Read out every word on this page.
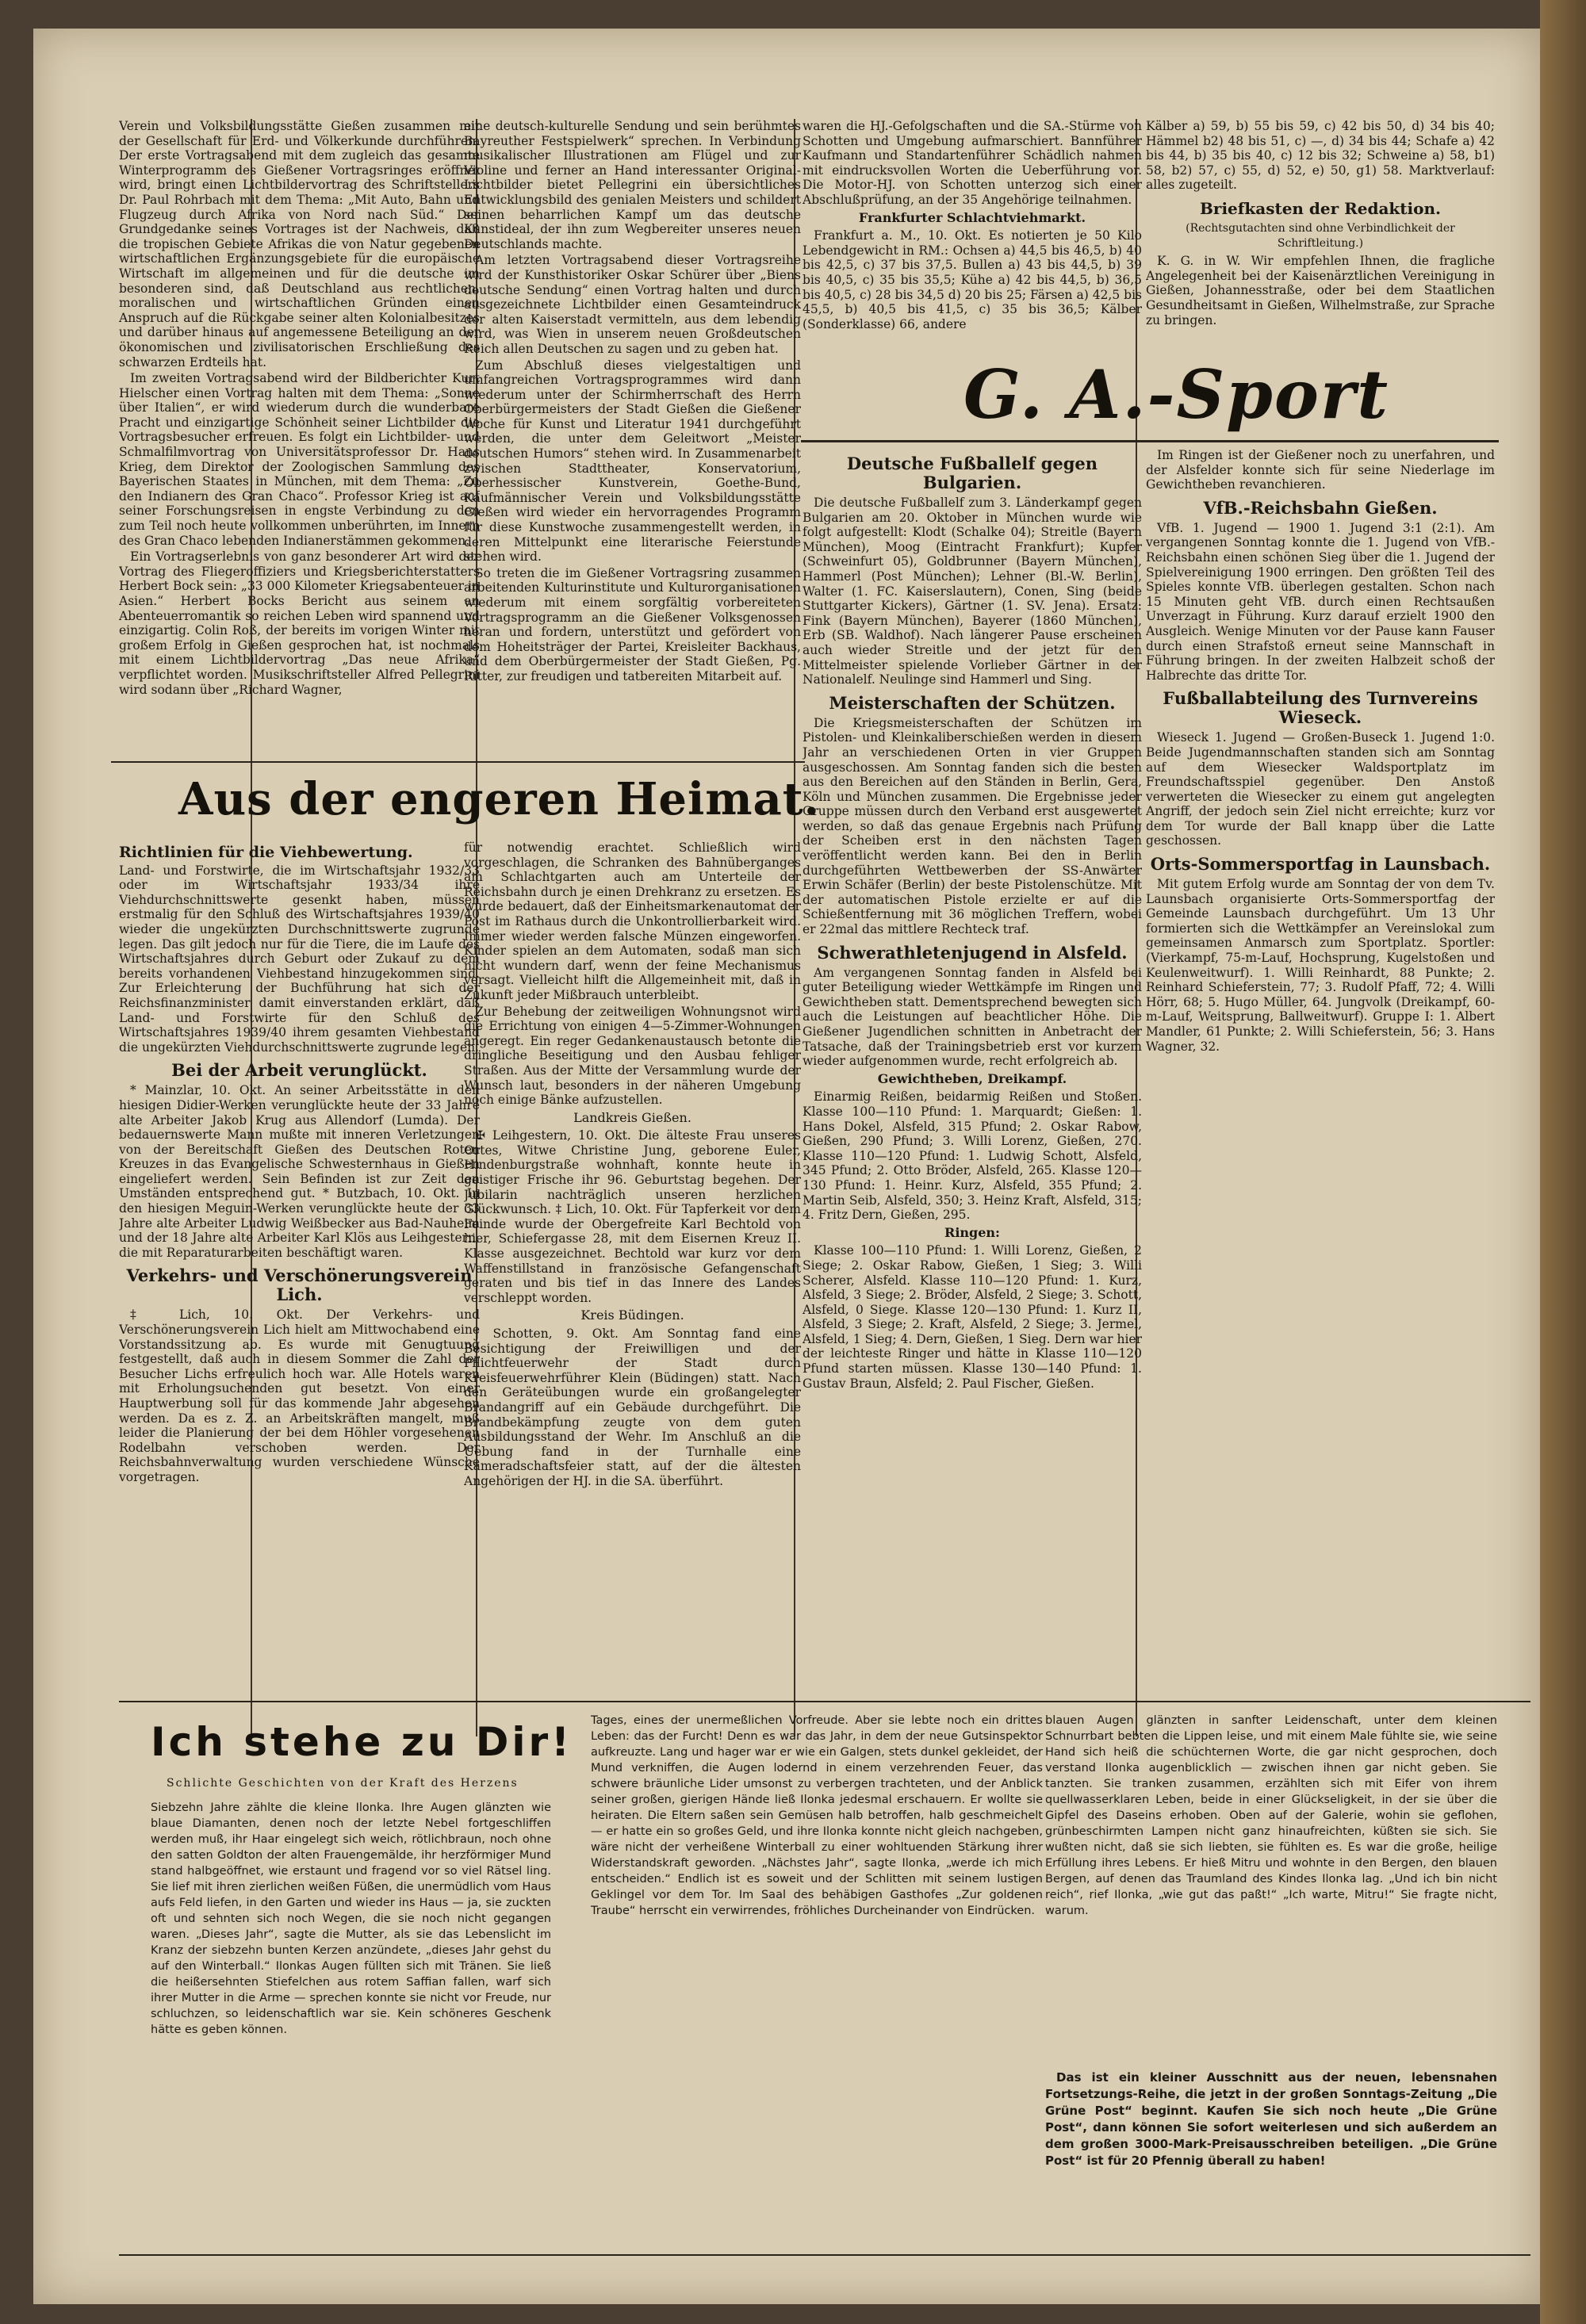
Verein und Volksbildungsstätte Gießen zusammen mit der Gesellschaft für Erd- und Völkerkunde durchführen. Der erste Vortragsabend mit dem zugleich das gesamte Winterprogramm des Gießener Vortragsringes eröffnet wird, bringt einen Lichtbildervortrag des Schriftstellers Dr. Paul Rohrbach mit dem Thema: „Mit Auto, Bahn und Flugzeug durch Afrika von Nord nach Süd.“ Der Grundgedanke seines Vortrages ist der Nachweis, daß die tropischen Gebiete Afrikas die von Natur gegebenen wirtschaftlichen Ergänzungsgebiete für die europäische Wirtschaft im allgemeinen und für die deutsche im besonderen sind, daß Deutschland aus rechtlichen, moralischen und wirtschaftlichen Gründen einen Anspruch auf die Rückgabe seiner alten Kolonialbesitzes und darüber hinaus auf angemessene Beteiligung an der ökonomischen und zivilisatorischen Erschließung des schwarzen Erdteils hat.

Im zweiten Vortragsabend wird der Bildberichter Kurt Hielscher einen Vortrag halten mit dem Thema: „Sonne über Italien“, er wird wiederum durch die wunderbare Pracht und einzigartige Schönheit seiner Lichtbilder die Vortragsbesucher erfreuen. Es folgt ein Lichtbilder- und Schmalfilmvortrag von Universitätsprofessor Dr. Hans Krieg, dem Direktor der Zoologischen Sammlung des Bayerischen Staates in München, mit dem Thema: „Zu den Indianern des Gran Chaco“. Professor Krieg ist auf seiner Forschungsreisen in engste Verbindung zu den zum Teil noch heute vollkommen unberührten, im Innern des Gran Chaco lebenden Indianerstämmen gekommen.

Ein Vortragserlebnis von ganz besonderer Art wird der Vortrag des Fliegeroffiziers und Kriegsberichterstatters Herbert Bock sein: „33 000 Kilometer Kriegsabenteuer in Asien.“ Herbert Bocks Bericht aus seinem an Abenteuerromantik so reichen Leben wird spannend und einzigartig. Colin Roß, der bereits im vorigen Winter mit großem Erfolg in Gießen gesprochen hat, ist nochmals mit einem Lichtbildervortrag „Das neue Afrika“ verpflichtet worden. Musikschriftsteller Alfred Pellegrini wird sodann über „Richard Wagner,

eine deutsch-kulturelle Sendung und sein berühmtes Bayreuther Festspielwerk“ sprechen. In Verbindung musikalischer Illustrationen am Flügel und zur Violine und ferner an Hand interessanter Original-Lichtbilder bietet Pellegrini ein übersichtliches Entwicklungsbild des genialen Meisters und schildert seinen beharrlichen Kampf um das deutsche Kunstideal, der ihn zum Wegbereiter unseres neuen Deutschlands machte.

Am letzten Vortragsabend dieser Vortragsreihe wird der Kunsthistoriker Oskar Schürer über „Biens deutsche Sendung“ einen Vortrag halten und durch ausgezeichnete Lichtbilder einen Gesamteindruck der alten Kaiserstadt vermitteln, aus dem lebendig wird, was Wien in unserem neuen Großdeutschen Reich allen Deutschen zu sagen und zu geben hat.

Zum Abschluß dieses vielgestaltigen und umfangreichen Vortragsprogrammes wird dann wiederum unter der Schirmherrschaft des Herrn Oberbürgermeisters der Stadt Gießen die Gießener Woche für Kunst und Literatur 1941 durchgeführt werden, die unter dem Geleitwort „Meister deutschen Humors“ stehen wird. In Zusammenarbeit zwischen Stadttheater, Konservatorium, Oberhessischer Kunstverein, Goethe-Bund, Kaufmännischer Verein und Volksbildungsstätte Gießen wird wieder ein hervorragendes Programm für diese Kunstwoche zusammengestellt werden, in deren Mittelpunkt eine literarische Feierstunde stehen wird.

So treten die im Gießener Vortragsring zusammen arbeitenden Kulturinstitute und Kulturorganisationen wiederum mit einem sorgfältig vorbereiteten Vortragsprogramm an die Gießener Volksgenossen heran und fordern, unterstützt und gefördert von dem Hoheitsträger der Partei, Kreisleiter Backhaus, und dem Oberbürgermeister der Stadt Gießen, Pg. Ritter, zur freudigen und tatbereiten Mitarbeit auf.

Aus der engeren Heimat.
Richtlinien für die Viehbewertung.

Land- und Forstwirte, die im Wirtschaftsjahr 1932/33 oder im Wirtschaftsjahr 1933/34 ihre Viehdurchschnittswerte gesenkt haben, müssen erstmalig für den Schluß des Wirtschaftsjahres 1939/40 wieder die ungekürzten Durchschnittswerte zugrunde legen. Das gilt jedoch nur für die Tiere, die im Laufe des Wirtschaftsjahres durch Geburt oder Zukauf zu dem bereits vorhandenen Viehbestand hinzugekommen sind. Zur Erleichterung der Buchführung hat sich der Reichsfinanzminister damit einverstanden erklärt, daß Land- und Forstwirte für den Schluß des Wirtschaftsjahres 1939/40 ihrem gesamten Viehbestand die ungekürzten Viehdurchschnittswerte zugrunde legen.

Bei der Arbeit verunglückt.

* Mainzlar, 10. Okt. An seiner Arbeitsstätte in den hiesigen Didier-Werken verunglückte heute der 33 Jahre alte Arbeiter Jakob Krug aus Allendorf (Lumda). Der bedauernswerte Mann mußte mit inneren Verletzungen von der Bereitschaft Gießen des Deutschen Roten Kreuzes in das Evangelische Schwesternhaus in Gießen eingeliefert werden. Sein Befinden ist zur Zeit den Umständen entsprechend gut. * Butzbach, 10. Okt. In den hiesigen Meguin-Werken verunglückte heute der 33 Jahre alte Arbeiter Ludwig Weißbecker aus Bad-Nauheim und der 18 Jahre alte Arbeiter Karl Klös aus Leihgestern, die mit Reparaturarbeiten beschäftigt waren.

Verkehrs- und Verschönerungsverein Lich.

‡ Lich, 10. Okt. Der Verkehrs- und Verschönerungsverein Lich hielt am Mittwochabend eine Vorstandssitzung ab. Es wurde mit Genugtuung festgestellt, daß auch in diesem Sommer die Zahl der Besucher Lichs erfreulich hoch war. Alle Hotels waren mit Erholungsuchenden gut besetzt. Von einer Hauptwerbung soll für das kommende Jahr abgesehen werden. Da es z. Z. an Arbeitskräften mangelt, muß leider die Planierung der bei dem Höhler vorgesehenen Rodelbahn verschoben werden. Der Reichsbahnverwaltung wurden verschiedene Wünsche vorgetragen.

für notwendig erachtet. Schließlich wird vorgeschlagen, die Schranken des Bahnüberganges am Schlachtgarten auch am Unterteile der Reichsbahn durch je einen Drehkranz zu ersetzen. Es wurde bedauert, daß der Einheitsmarkenautomat der Post im Rathaus durch die Unkontrollierbarkeit wird. Immer wieder werden falsche Münzen eingeworfen. Kinder spielen an dem Automaten, sodaß man sich nicht wundern darf, wenn der feine Mechanismus versagt. Vielleicht hilft die Allgemeinheit mit, daß in Zukunft jeder Mißbrauch unterbleibt.

Zur Behebung der zeitweiligen Wohnungsnot wird die Errichtung von einigen 4—5-Zimmer-Wohnungen angeregt. Ein reger Gedankenaustausch betonte die dringliche Beseitigung und den Ausbau fehliger Straßen. Aus der Mitte der Versammlung wurde der Wunsch laut, besonders in der näheren Umgebung noch einige Bänke aufzustellen.

Landkreis Gießen.

✠ Leihgestern, 10. Okt. Die älteste Frau unseres Ortes, Witwe Christine Jung, geborene Euler, Hindenburgstraße wohnhaft, konnte heute in geistiger Frische ihr 96. Geburtstag begehen. Der Jubilarin nachträglich unseren herzlichen Glückwunsch. ‡ Lich, 10. Okt. Für Tapferkeit vor dem Feinde wurde der Obergefreite Karl Bechtold von hier, Schiefergasse 28, mit dem Eisernen Kreuz II. Klasse ausgezeichnet. Bechtold war kurz vor dem Waffenstillstand in französische Gefangenschaft geraten und bis tief in das Innere des Landes verschleppt worden.

Kreis Büdingen.

j Schotten, 9. Okt. Am Sonntag fand eine Besichtigung der Freiwilligen und der Pflichtfeuerwehr der Stadt durch Kreisfeuerwehrführer Klein (Büdingen) statt. Nach den Geräteübungen wurde ein großangelegter Brandangriff auf ein Gebäude durchgeführt. Die Brandbekämpfung zeugte von dem guten Ausbildungsstand der Wehr. Im Anschluß an die Uebung fand in der Turnhalle eine Kameradschaftsfeier statt, auf der die ältesten Angehörigen der HJ. in die SA. überführt.

waren die HJ.-Gefolgschaften und die SA.-Stürme von Schotten und Umgebung aufmarschiert. Bannführer Kaufmann und Standartenführer Schädlich nahmen mit eindrucksvollen Worten die Ueberführung vor. Die Motor-HJ. von Schotten unterzog sich einer Abschlußprüfung, an der 35 Angehörige teilnahmen.

Frankfurter Schlachtviehmarkt.

Frankfurt a. M., 10. Okt. Es notierten je 50 Kilo Lebendgewicht in RM.: Ochsen a) 44,5 bis 46,5, b) 40 bis 42,5, c) 37 bis 37,5. Bullen a) 43 bis 44,5, b) 39 bis 40,5, c) 35 bis 35,5; Kühe a) 42 bis 44,5, b) 36,5 bis 40,5, c) 28 bis 34,5 d) 20 bis 25; Färsen a) 42,5 bis 45,5, b) 40,5 bis 41,5, c) 35 bis 36,5; Kälber (Sonderklasse) 66, andere

Kälber a) 59, b) 55 bis 59, c) 42 bis 50, d) 34 bis 40; Hämmel b2) 48 bis 51, c) —, d) 34 bis 44; Schafe a) 42 bis 44, b) 35 bis 40, c) 12 bis 32; Schweine a) 58, b1) 58, b2) 57, c) 55, d) 52, e) 50, g1) 58. Marktverlauf: alles zugeteilt.

Briefkasten der Redaktion.
(Rechtsgutachten sind ohne Verbindlichkeit der Schriftleitung.)

K. G. in W. Wir empfehlen Ihnen, die fragliche Angelegenheit bei der Kaisenärztlichen Vereinigung in Gießen, Johannesstraße, oder bei dem Staatlichen Gesundheitsamt in Gießen, Wilhelmstraße, zur Sprache zu bringen.

G. A.-Sport
Deutsche Fußballelf gegen Bulgarien.

Die deutsche Fußballelf zum 3. Länderkampf gegen Bulgarien am 20. Oktober in München wurde wie folgt aufgestellt: Klodt (Schalke 04); Streitle (Bayern München), Moog (Eintracht Frankfurt); Kupfer (Schweinfurt 05), Goldbrunner (Bayern München), Hammerl (Post München); Lehner (Bl.-W. Berlin), Walter (1. FC. Kaiserslautern), Conen, Sing (beide Stuttgarter Kickers), Gärtner (1. SV. Jena). Ersatz: Fink (Bayern München), Bayerer (1860 München), Erb (SB. Waldhof). Nach längerer Pause erscheinen auch wieder Streitle und der jetzt für den Mittelmeister spielende Vorlieber Gärtner in der Nationalelf. Neulinge sind Hammerl und Sing.

Meisterschaften der Schützen.

Die Kriegsmeisterschaften der Schützen im Pistolen- und Kleinkaliberschießen werden in diesem Jahr an verschiedenen Orten in vier Gruppen ausgeschossen. Am Sonntag fanden sich die besten aus den Bereichen auf den Ständen in Berlin, Gera, Köln und München zusammen. Die Ergebnisse jeder Gruppe müssen durch den Verband erst ausgewertet werden, so daß das genaue Ergebnis nach Prüfung der Scheiben erst in den nächsten Tagen veröffentlicht werden kann. Bei den in Berlin durchgeführten Wettbewerben der SS-Anwärter Erwin Schäfer (Berlin) der beste Pistolenschütze. Mit der automatischen Pistole erzielte er auf die Schießentfernung mit 36 möglichen Treffern, wobei er 22mal das mittlere Rechteck traf.

Schwerathletenjugend in Alsfeld.

Am vergangenen Sonntag fanden in Alsfeld bei guter Beteiligung wieder Wettkämpfe im Ringen und Gewichtheben statt. Dementsprechend bewegten sich auch die Leistungen auf beachtlicher Höhe. Die Gießener Jugendlichen schnitten in Anbetracht der Tatsache, daß der Trainingsbetrieb erst vor kurzem wieder aufgenommen wurde, recht erfolgreich ab.

Gewichtheben, Dreikampf.

Einarmig Reißen, beidarmig Reißen und Stoßen. Klasse 100—110 Pfund: 1. Marquardt; Gießen: 1. Hans Dokel, Alsfeld, 315 Pfund; 2. Oskar Rabow, Gießen, 290 Pfund; 3. Willi Lorenz, Gießen, 270. Klasse 110—120 Pfund: 1. Ludwig Schott, Alsfeld, 345 Pfund; 2. Otto Bröder, Alsfeld, 265. Klasse 120—130 Pfund: 1. Heinr. Kurz, Alsfeld, 355 Pfund; 2. Martin Seib, Alsfeld, 350; 3. Heinz Kraft, Alsfeld, 315; 4. Fritz Dern, Gießen, 295.

Ringen:

Klasse 100—110 Pfund: 1. Willi Lorenz, Gießen, 2 Siege; 2. Oskar Rabow, Gießen, 1 Sieg; 3. Willi Scherer, Alsfeld. Klasse 110—120 Pfund: 1. Kurz, Alsfeld, 3 Siege; 2. Bröder, Alsfeld, 2 Siege; 3. Schott, Alsfeld, 0 Siege. Klasse 120—130 Pfund: 1. Kurz II, Alsfeld, 3 Siege; 2. Kraft, Alsfeld, 2 Siege; 3. Jermel, Alsfeld, 1 Sieg; 4. Dern, Gießen, 1 Sieg. Dern war hier der leichteste Ringer und hätte in Klasse 110—120 Pfund starten müssen. Klasse 130—140 Pfund: 1. Gustav Braun, Alsfeld; 2. Paul Fischer, Gießen.

Im Ringen ist der Gießener noch zu unerfahren, und der Alsfelder konnte sich für seine Niederlage im Gewichtheben revanchieren.

VfB.-Reichsbahn Gießen.

VfB. 1. Jugend — 1900 1. Jugend 3:1 (2:1). Am vergangenen Sonntag konnte die 1. Jugend von VfB.-Reichsbahn einen schönen Sieg über die 1. Jugend der Spielvereinigung 1900 erringen. Den größten Teil des Spieles konnte VfB. überlegen gestalten. Schon nach 15 Minuten geht VfB. durch einen Rechtsaußen Unverzagt in Führung. Kurz darauf erzielt 1900 den Ausgleich. Wenige Minuten vor der Pause kann Fauser durch einen Strafstoß erneut seine Mannschaft in Führung bringen. In der zweiten Halbzeit schoß der Halbrechte das dritte Tor.

Fußballabteilung des Turnvereins Wieseck.

Wieseck 1. Jugend — Großen-Buseck 1. Jugend 1:0. Beide Jugendmannschaften standen sich am Sonntag auf dem Wiesecker Waldsportplatz im Freundschaftsspiel gegenüber. Den Anstoß verwerteten die Wiesecker zu einem gut angelegten Angriff, der jedoch sein Ziel nicht erreichte; kurz vor dem Tor wurde der Ball knapp über die Latte geschossen.

Orts-Sommersportfag in Launsbach.

Mit gutem Erfolg wurde am Sonntag der von dem Tv. Launsbach organisierte Orts-Sommersportfag der Gemeinde Launsbach durchgeführt. Um 13 Uhr formierten sich die Wettkämpfer an Vereinslokal zum gemeinsamen Anmarsch zum Sportplatz. Sportler: (Vierkampf, 75-m-Lauf, Hochsprung, Kugelstoßen und Keulenweitwurf). 1. Willi Reinhardt, 88 Punkte; 2. Reinhard Schieferstein, 77; 3. Rudolf Pfaff, 72; 4. Willi Hörr, 68; 5. Hugo Müller, 64. Jungvolk (Dreikampf, 60-m-Lauf, Weitsprung, Ballweitwurf). Gruppe I: 1. Albert Mandler, 61 Punkte; 2. Willi Schieferstein, 56; 3. Hans Wagner, 32.

Ich stehe zu Dir!
Schlichte Geschichten von der Kraft des Herzens

Siebzehn Jahre zählte die kleine Ilonka. Ihre Augen glänzten wie blaue Diamanten, denen noch der letzte Nebel fortgeschliffen werden muß, ihr Haar eingelegt sich weich, rötlichbraun, noch ohne den satten Goldton der alten Frauengemälde, ihr herzförmiger Mund stand halbgeöffnet, wie erstaunt und fragend vor so viel Rätsel ling. Sie lief mit ihren zierlichen weißen Füßen, die unermüdlich vom Haus aufs Feld liefen, in den Garten und wieder ins Haus — ja, sie zuckten oft und sehnten sich noch Wegen, die sie noch nicht gegangen waren. „Dieses Jahr“, sagte die Mutter, als sie das Lebenslicht im Kranz der siebzehn bunten Kerzen anzündete, „dieses Jahr gehst du auf den Winterball.“ Ilonkas Augen füllten sich mit Tränen. Sie ließ die heißersehnten Stiefelchen aus rotem Saffian fallen, warf sich ihrer Mutter in die Arme — sprechen konnte sie nicht vor Freude, nur schluchzen, so leidenschaftlich war sie. Kein schöneres Geschenk hätte es geben können.

Tages, eines der unermeßlichen Vorfreude. Aber sie lebte noch ein drittes Leben: das der Furcht! Denn es war das Jahr, in dem der neue Gutsinspektor aufkreuzte. Lang und hager war er wie ein Galgen, stets dunkel gekleidet, der Mund verkniffen, die Augen lodernd in einem verzehrenden Feuer, das schwere bräunliche Lider umsonst zu verbergen trachteten, und der Anblick seiner großen, gierigen Hände ließ Ilonka jedesmal erschauern. Er wollte sie heiraten. Die Eltern saßen sein Gemüsen halb betroffen, halb geschmeichelt — er hatte ein so großes Geld, und ihre Ilonka konnte nicht gleich nachgeben, wäre nicht der verheißene Winterball zu einer wohltuenden Stärkung ihrer Widerstandskraft geworden. „Nächstes Jahr“, sagte Ilonka, „werde ich mich entscheiden.“ Endlich ist es soweit und der Schlitten mit seinem lustigen Geklingel vor dem Tor. Im Saal des behäbigen Gasthofes „Zur goldenen Traube“ herrscht ein verwirrendes, fröhliches Durcheinander von Eindrücken.

blauen Augen glänzten in sanfter Leidenschaft, unter dem kleinen Schnurrbart bebten die Lippen leise, und mit einem Male fühlte sie, wie seine Hand sich heiß die schüchternen Worte, die gar nicht gesprochen, doch verstand Ilonka augenblicklich — zwischen ihnen gar nicht geben. Sie tanzten. Sie tranken zusammen, erzählten sich mit Eifer von ihrem quellwasserklaren Leben, beide in einer Glückseligkeit, in der sie über die Gipfel des Daseins erhoben. Oben auf der Galerie, wohin sie geflohen, grünbeschirmten Lampen nicht ganz hinaufreichten, küßten sie sich. Sie wußten nicht, daß sie sich liebten, sie fühlten es. Es war die große, heilige Erfüllung ihres Lebens. Er hieß Mitru und wohnte in den Bergen, den blauen Bergen, auf denen das Traumland des Kindes Ilonka lag. „Und ich bin nicht reich“, rief Ilonka, „wie gut das paßt!“ „Ich warte, Mitru!“ Sie fragte nicht, warum.

Das ist ein kleiner Ausschnitt aus der neuen, lebensnahen Fortsetzungs-Reihe, die jetzt in der großen Sonntags-Zeitung „Die Grüne Post“ beginnt. Kaufen Sie sich noch heute „Die Grüne Post“, dann können Sie sofort weiterlesen und sich außerdem an dem großen 3000-Mark-Preisausschreiben beteiligen. „Die Grüne Post“ ist für 20 Pfennig überall zu haben!
